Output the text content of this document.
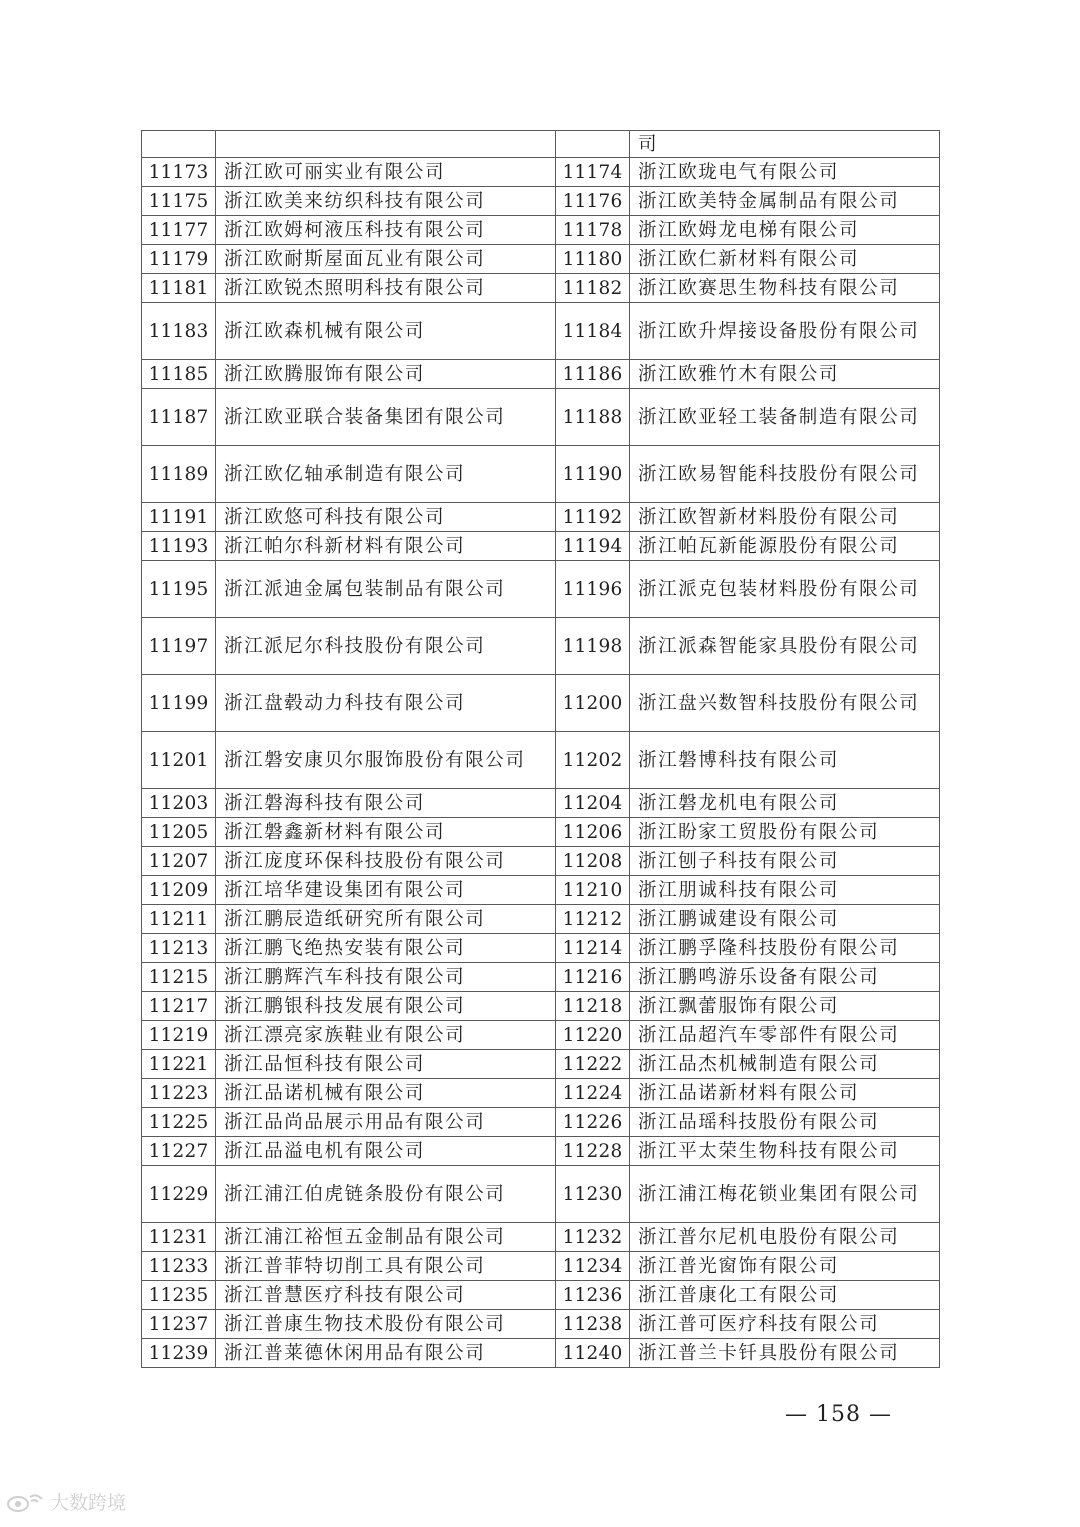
			司
11173	浙江欧可丽实业有限公司	11174	浙江欧珑电气有限公司
11175	浙江欧美来纺织科技有限公司	11176	浙江欧美特金属制品有限公司
11177	浙江欧姆柯液压科技有限公司	11178	浙江欧姆龙电梯有限公司
11179	浙江欧耐斯屋面瓦业有限公司	11180	浙江欧仁新材料有限公司
11181	浙江欧锐杰照明科技有限公司	11182	浙江欧赛思生物科技有限公司
11183	浙江欧森机械有限公司	11184	浙江欧升焊接设备股份有限公司
11185	浙江欧腾服饰有限公司	11186	浙江欧雅竹木有限公司
11187	浙江欧亚联合装备集团有限公司	11188	浙江欧亚轻工装备制造有限公司
11189	浙江欧亿轴承制造有限公司	11190	浙江欧易智能科技股份有限公司
11191	浙江欧悠可科技有限公司	11192	浙江欧智新材料股份有限公司
11193	浙江帕尔科新材料有限公司	11194	浙江帕瓦新能源股份有限公司
11195	浙江派迪金属包装制品有限公司	11196	浙江派克包装材料股份有限公司
11197	浙江派尼尔科技股份有限公司	11198	浙江派森智能家具股份有限公司
11199	浙江盘毂动力科技有限公司	11200	浙江盘兴数智科技股份有限公司
11201	浙江磐安康贝尔服饰股份有限公司	11202	浙江磐博科技有限公司
11203	浙江磐海科技有限公司	11204	浙江磐龙机电有限公司
11205	浙江磐鑫新材料有限公司	11206	浙江盼家工贸股份有限公司
11207	浙江庞度环保科技股份有限公司	11208	浙江刨子科技有限公司
11209	浙江培华建设集团有限公司	11210	浙江朋诚科技有限公司
11211	浙江鹏辰造纸研究所有限公司	11212	浙江鹏诚建设有限公司
11213	浙江鹏飞绝热安装有限公司	11214	浙江鹏孚隆科技股份有限公司
11215	浙江鹏辉汽车科技有限公司	11216	浙江鹏鸣游乐设备有限公司
11217	浙江鹏银科技发展有限公司	11218	浙江飘蕾服饰有限公司
11219	浙江漂亮家族鞋业有限公司	11220	浙江品超汽车零部件有限公司
11221	浙江品恒科技有限公司	11222	浙江品杰机械制造有限公司
11223	浙江品诺机械有限公司	11224	浙江品诺新材料有限公司
11225	浙江品尚品展示用品有限公司	11226	浙江品瑶科技股份有限公司
11227	浙江品溢电机有限公司	11228	浙江平太荣生物科技有限公司
11229	浙江浦江伯虎链条股份有限公司	11230	浙江浦江梅花锁业集团有限公司
11231	浙江浦江裕恒五金制品有限公司	11232	浙江普尔尼机电股份有限公司
11233	浙江普菲特切削工具有限公司	11234	浙江普光窗饰有限公司
11235	浙江普慧医疗科技有限公司	11236	浙江普康化工有限公司
11237	浙江普康生物技术股份有限公司	11238	浙江普可医疗科技有限公司
11239	浙江普莱德休闲用品有限公司	11240	浙江普兰卡钎具股份有限公司
— 158 —
大数跨境
